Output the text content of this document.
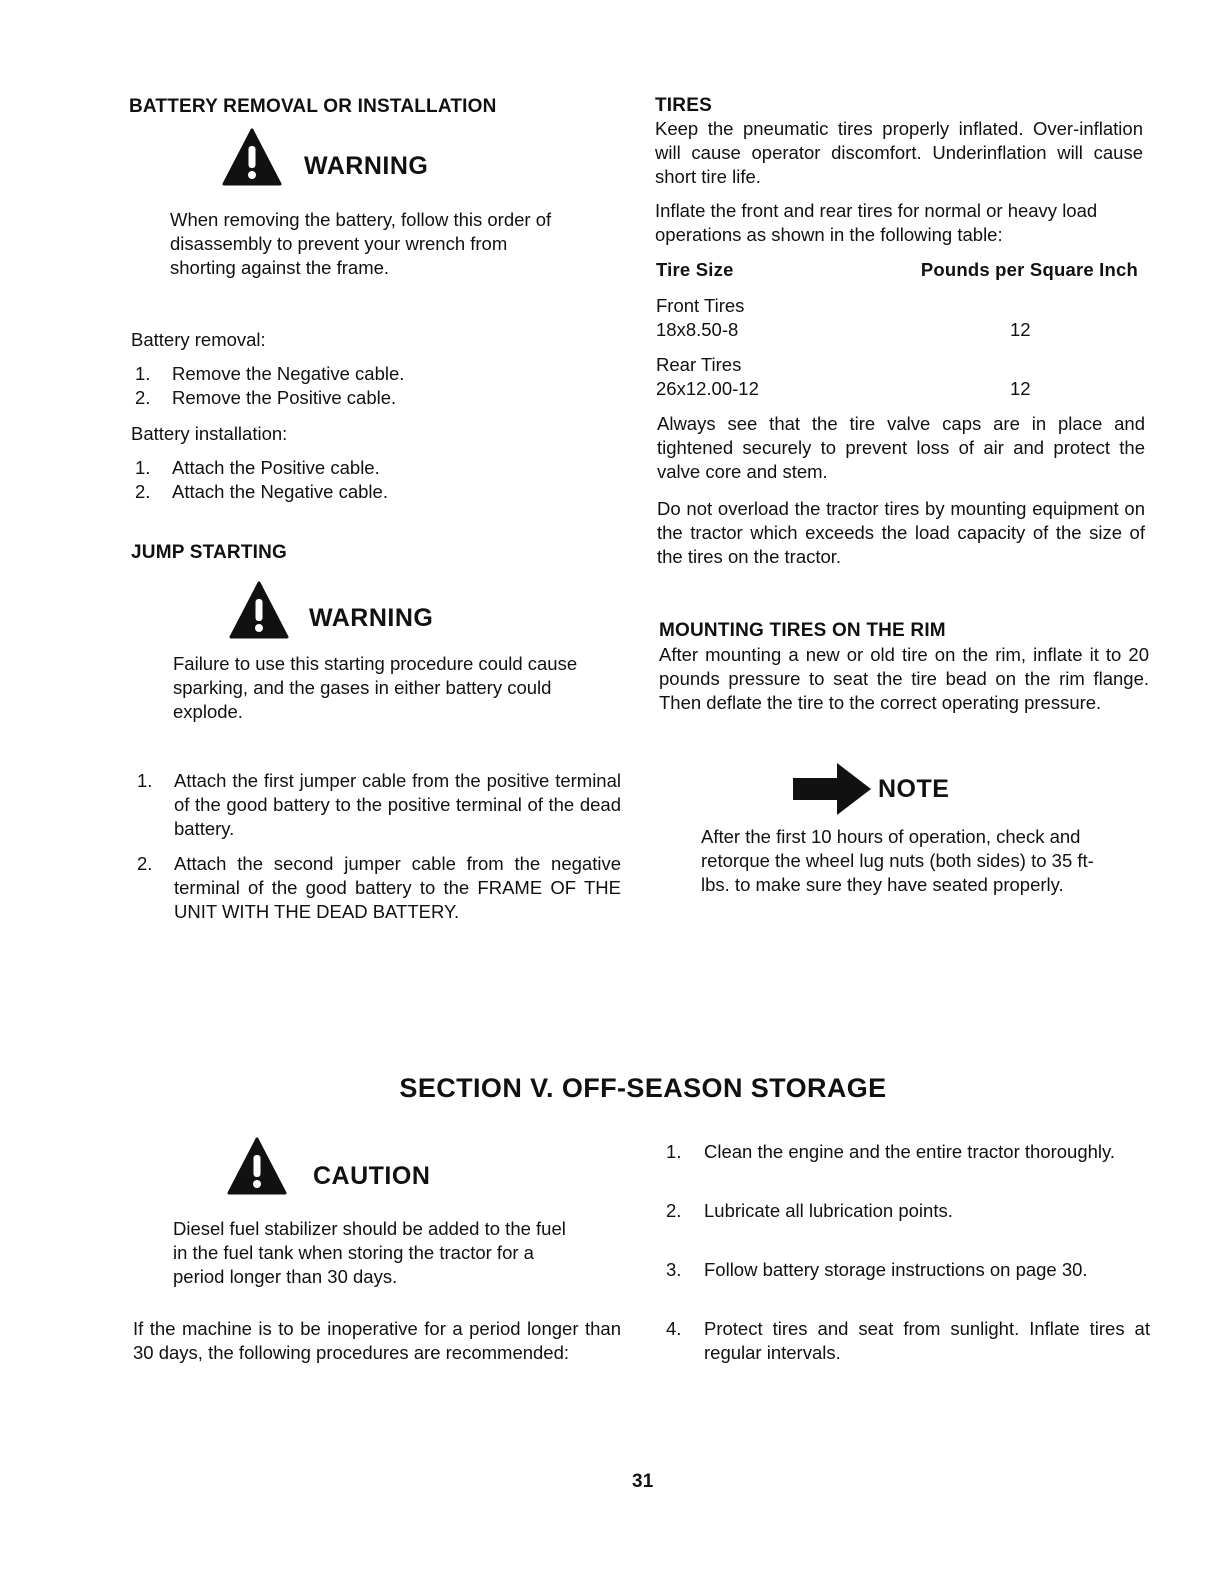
BATTERY REMOVAL OR INSTALLATION
WARNING
When removing the battery, follow this order of disassembly to prevent your wrench from shorting against the frame.
Battery removal:
1.	Remove the Negative cable.
2.	Remove the Positive cable.
Battery installation:
1.	Attach the Positive cable.
2.	Attach the Negative cable.
JUMP STARTING
WARNING
Failure to use this starting procedure could cause sparking, and the gases in either battery could explode.
1.	Attach the first jumper cable from the positive terminal of the good battery to the positive terminal of the dead battery.
2.	Attach the second jumper cable from the negative terminal of the good battery to the FRAME OF THE UNIT WITH THE DEAD BATTERY.
TIRES
Keep the pneumatic tires properly inflated. Over-inflation will cause operator discomfort. Underinflation will cause short tire life.
Inflate the front and rear tires for normal or heavy load operations as shown in the following table:
Tire Size	Pounds per Square Inch
Front Tires
18x8.50-8	12
Rear Tires
26x12.00-12	12
Always see that the tire valve caps are in place and tightened securely to prevent loss of air and protect the valve core and stem.
Do not overload the tractor tires by mounting equipment on the tractor which exceeds the load capacity of the size of the tires on the tractor.
MOUNTING TIRES ON THE RIM
After mounting a new or old tire on the rim, inflate it to 20 pounds pressure to seat the tire bead on the rim flange. Then deflate the tire to the correct operating pressure.
NOTE
After the first 10 hours of operation, check and retorque the wheel lug nuts (both sides) to 35 ft-lbs. to make sure they have seated properly.
SECTION V. OFF-SEASON STORAGE
CAUTION
Diesel fuel stabilizer should be added to the fuel in the fuel tank when storing the tractor for a period longer than 30 days.
If the machine is to be inoperative for a period longer than 30 days, the following procedures are recommended:
1.	Clean the engine and the entire tractor thoroughly.
2.	Lubricate all lubrication points.
3.	Follow battery storage instructions on page 30.
4.	Protect tires and seat from sunlight. Inflate tires at regular intervals.
31
